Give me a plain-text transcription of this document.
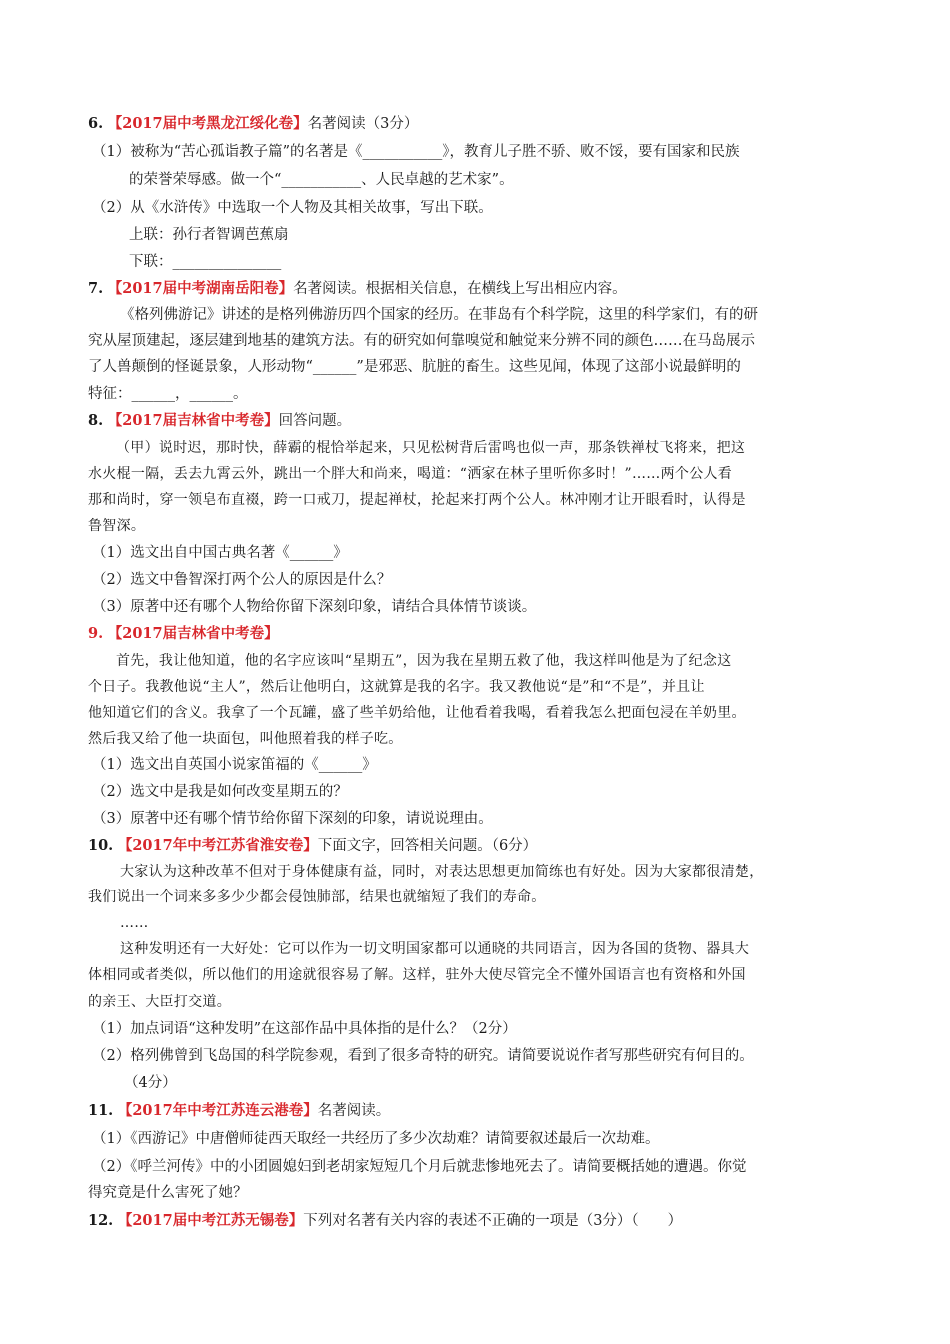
6. 【2017届中考黑龙江绥化卷】名著阅读（3分）
（1）被称为“苦心孤诣教子篇”的名著是《___________》，教育儿子胜不骄、败不馁，要有国家和民族
的荣誉荣辱感。做一个“___________、人民卓越的艺术家”。
（2）从《水浒传》中选取一个人物及其相关故事，写出下联。
上联：孙行者智调芭蕉扇
下联：_______________
7. 【2017届中考湖南岳阳卷】名著阅读。根据相关信息，在横线上写出相应内容。
《格列佛游记》讲述的是格列佛游历四个国家的经历。在菲岛有个科学院，这里的科学家们，有的研
究从屋顶建起，逐层建到地基的建筑方法。有的研究如何靠嗅觉和触觉来分辨不同的颜色……在马岛展示
了人兽颠倒的怪诞景象，人形动物“______”是邪恶、肮脏的畜生。这些见闻，体现了这部小说最鲜明的
特征：______，______。
8. 【2017届吉林省中考卷】回答问题。
（甲）说时迟，那时快，薛霸的棍恰举起来，只见松树背后雷鸣也似一声，那条铁禅杖飞将来，把这
水火棍一隔，丢去九霄云外，跳出一个胖大和尚来，喝道：“洒家在林子里听你多时！”……两个公人看
那和尚时，穿一领皂布直裰，跨一口戒刀，提起禅杖，抡起来打两个公人。林冲刚才让开眼看时，认得是
鲁智深。
（1）选文出自中国古典名著《______》
（2）选文中鲁智深打两个公人的原因是什么？
（3）原著中还有哪个人物给你留下深刻印象，请结合具体情节谈谈。
9. 【2017届吉林省中考卷】
首先，我让他知道，他的名字应该叫“星期五”，因为我在星期五救了他，我这样叫他是为了纪念这
个日子。我教他说“主人”，然后让他明白，这就算是我的名字。我又教他说“是”和“不是”，并且让
他知道它们的含义。我拿了一个瓦罐，盛了些羊奶给他，让他看着我喝，看着我怎么把面包浸在羊奶里。
然后我又给了他一块面包，叫他照着我的样子吃。
（1）选文出自英国小说家笛福的《______》
（2）选文中是我是如何改变星期五的？
（3）原著中还有哪个情节给你留下深刻的印象，请说说理由。
10. 【2017年中考江苏省淮安卷】下面文字，回答相关问题。（6分）
大家认为这种改革不但对于身体健康有益，同时，对表达思想更加简练也有好处。因为大家都很清楚，
我们说出一个词来多多少少都会侵蚀肺部，结果也就缩短了我们的寿命。
……
这种发明还有一大好处：它可以作为一切文明国家都可以通晓的共同语言，因为各国的货物、器具大
体相同或者类似，所以他们的用途就很容易了解。这样，驻外大使尽管完全不懂外国语言也有资格和外国
的亲王、大臣打交道。
（1）加点词语“这种发明”在这部作品中具体指的是什么？（2分）
（2）格列佛曾到飞岛国的科学院参观，看到了很多奇特的研究。请简要说说作者写那些研究有何目的。
（4分）
11. 【2017年中考江苏连云港卷】名著阅读。
（1）《西游记》中唐僧师徒西天取经一共经历了多少次劫难？请简要叙述最后一次劫难。
（2）《呼兰河传》中的小团圆媳妇到老胡家短短几个月后就悲惨地死去了。请简要概括她的遭遇。你觉
得究竟是什么害死了她？
12. 【2017届中考江苏无锡卷】下列对名著有关内容的表述不正确的一项是（3分）（　　）
